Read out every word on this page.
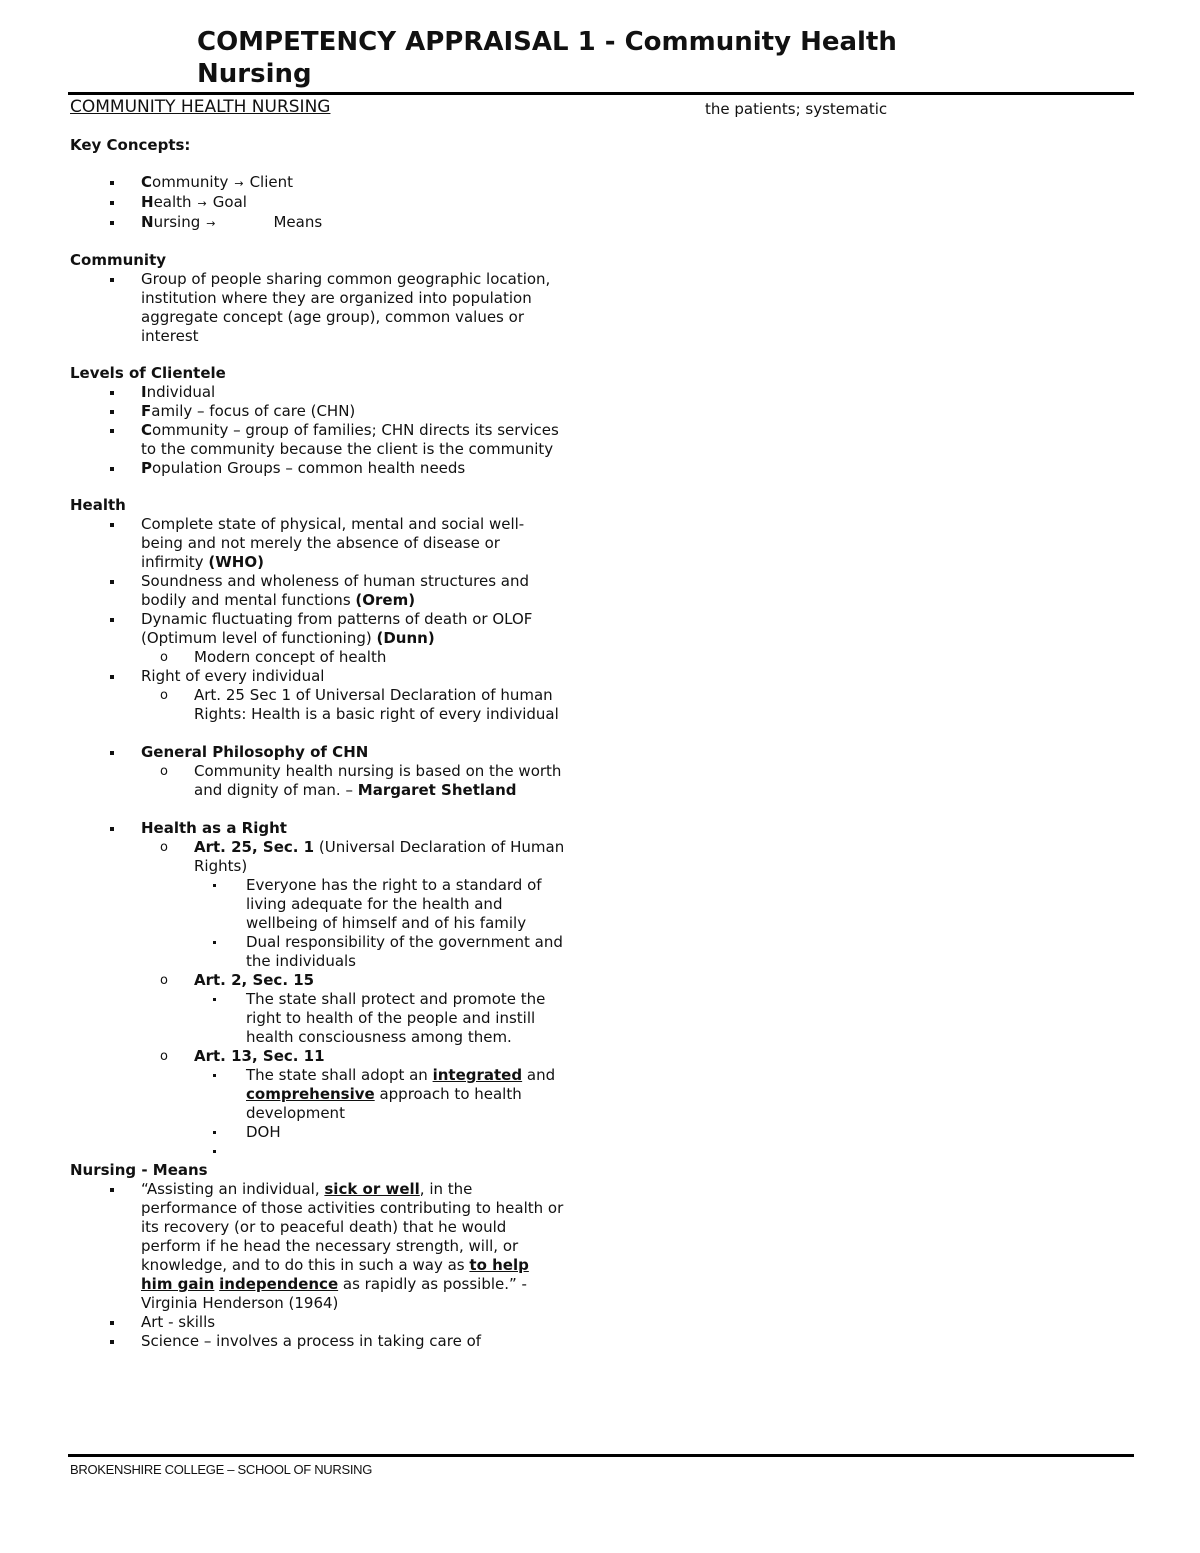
COMPETENCY APPRAISAL 1 - Community Health Nursing
COMMUNITY HEALTH NURSING

Key Concepts:

Community → Client
Health → Goal
Nursing →	Means

Community

Group of people sharing common geographic location, institution where they are organized into population aggregate concept (age group), common values or interest

Levels of Clientele

Individual
Family – focus of care (CHN)
Community – group of families; CHN directs its services to the community because the client is the community
Population Groups – common health needs

Health

Complete state of physical, mental and social well- being and not merely the absence of disease or infirmity (WHO)
Soundness and wholeness of human structures and bodily and mental functions (Orem)
Dynamic fluctuating from patterns of death or OLOF (Optimum level of functioning) (Dunn)
o Modern concept of health
Right of every individual
o Art. 25 Sec 1 of Universal Declaration of human Rights: Health is a basic right of every individual
General Philosophy of CHN
o Community health nursing is based on the worth and dignity of man. – Margaret Shetland
Health as a Right
o Art. 25, Sec. 1 (Universal Declaration of Human Rights)
Everyone has the right to a standard of living adequate for the health and wellbeing of himself and of his family
Dual responsibility of the government and the individuals
o Art. 2, Sec. 15
The state shall protect and promote the right to health of the people and instill health consciousness among them.
o Art. 13, Sec. 11
The state shall adopt an integrated and comprehensive approach to health development
DOH

Nursing - Means

“Assisting an individual, sick or well, in the performance of those activities contributing to health or its recovery (or to peaceful death) that he would perform if he head the necessary strength, will, or knowledge, and to do this in such a way as to help him gain independence as rapidly as possible.” - Virginia Henderson (1964)
Art - skills
Science – involves a process in taking care of

the patients; systematic

BROKENSHIRE COLLEGE – SCHOOL OF NURSING
